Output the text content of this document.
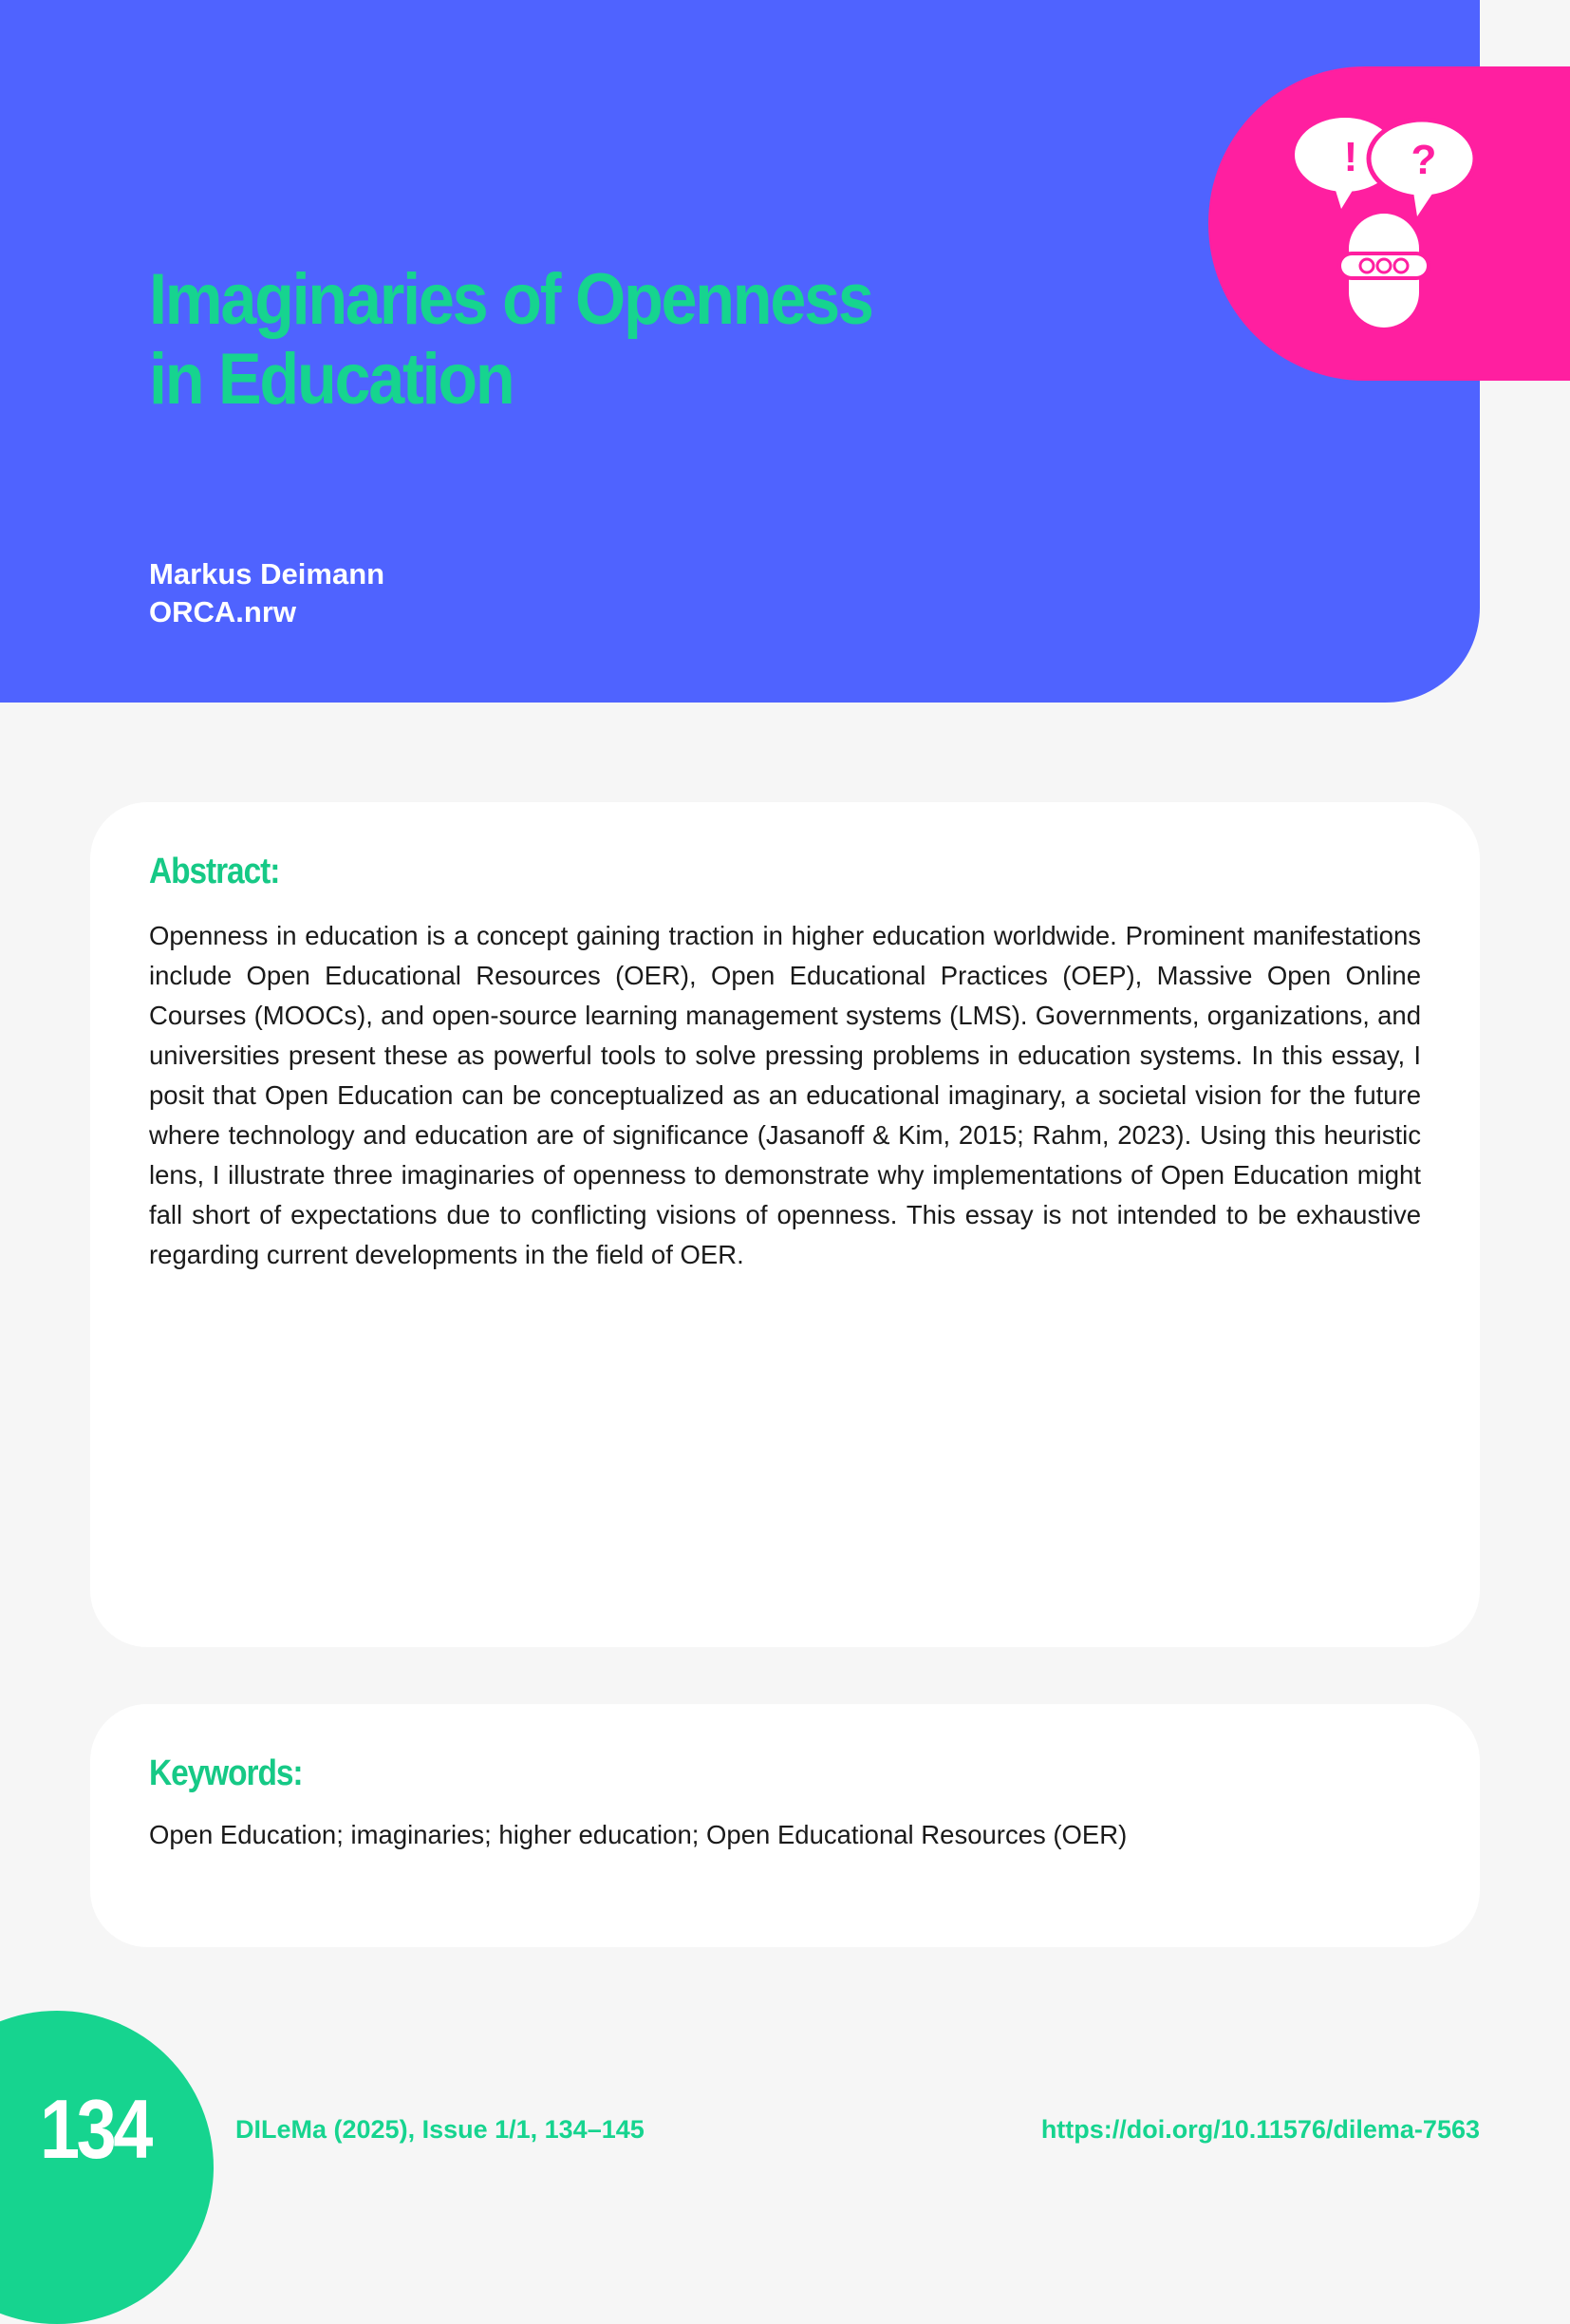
Imaginaries of Openness
in Education
Markus Deimann
ORCA.nrw
! ?
Abstract:

Openness in education is a concept gaining traction in higher education worldwide. Prominent manifestations include Open Educational Resources (OER), Open Educational Practices (OEP), Massive Open Online Courses (MOOCs), and open-source learning management systems (LMS). Governments, organizations, and universities present these as powerful tools to solve pressing problems in education systems. In this essay, I posit that Open Education can be conceptualized as an educational imaginary, a societal vision for the future where technology and education are of significance (Jasanoff & Kim, 2015; Rahm, 2023). Using this heuristic lens, I illustrate three imaginaries of openness to demonstrate why implementations of Open Education might fall short of expectations due to conflicting visions of openness. This essay is not intended to be exhaustive regarding current developments in the field of OER.

Keywords:

Open Education; imaginaries; higher education; Open Educational Resources (OER)

134	DILeMa (2025), Issue 1/1, 134–145	https://doi.org/10.11576/dilema-7563
